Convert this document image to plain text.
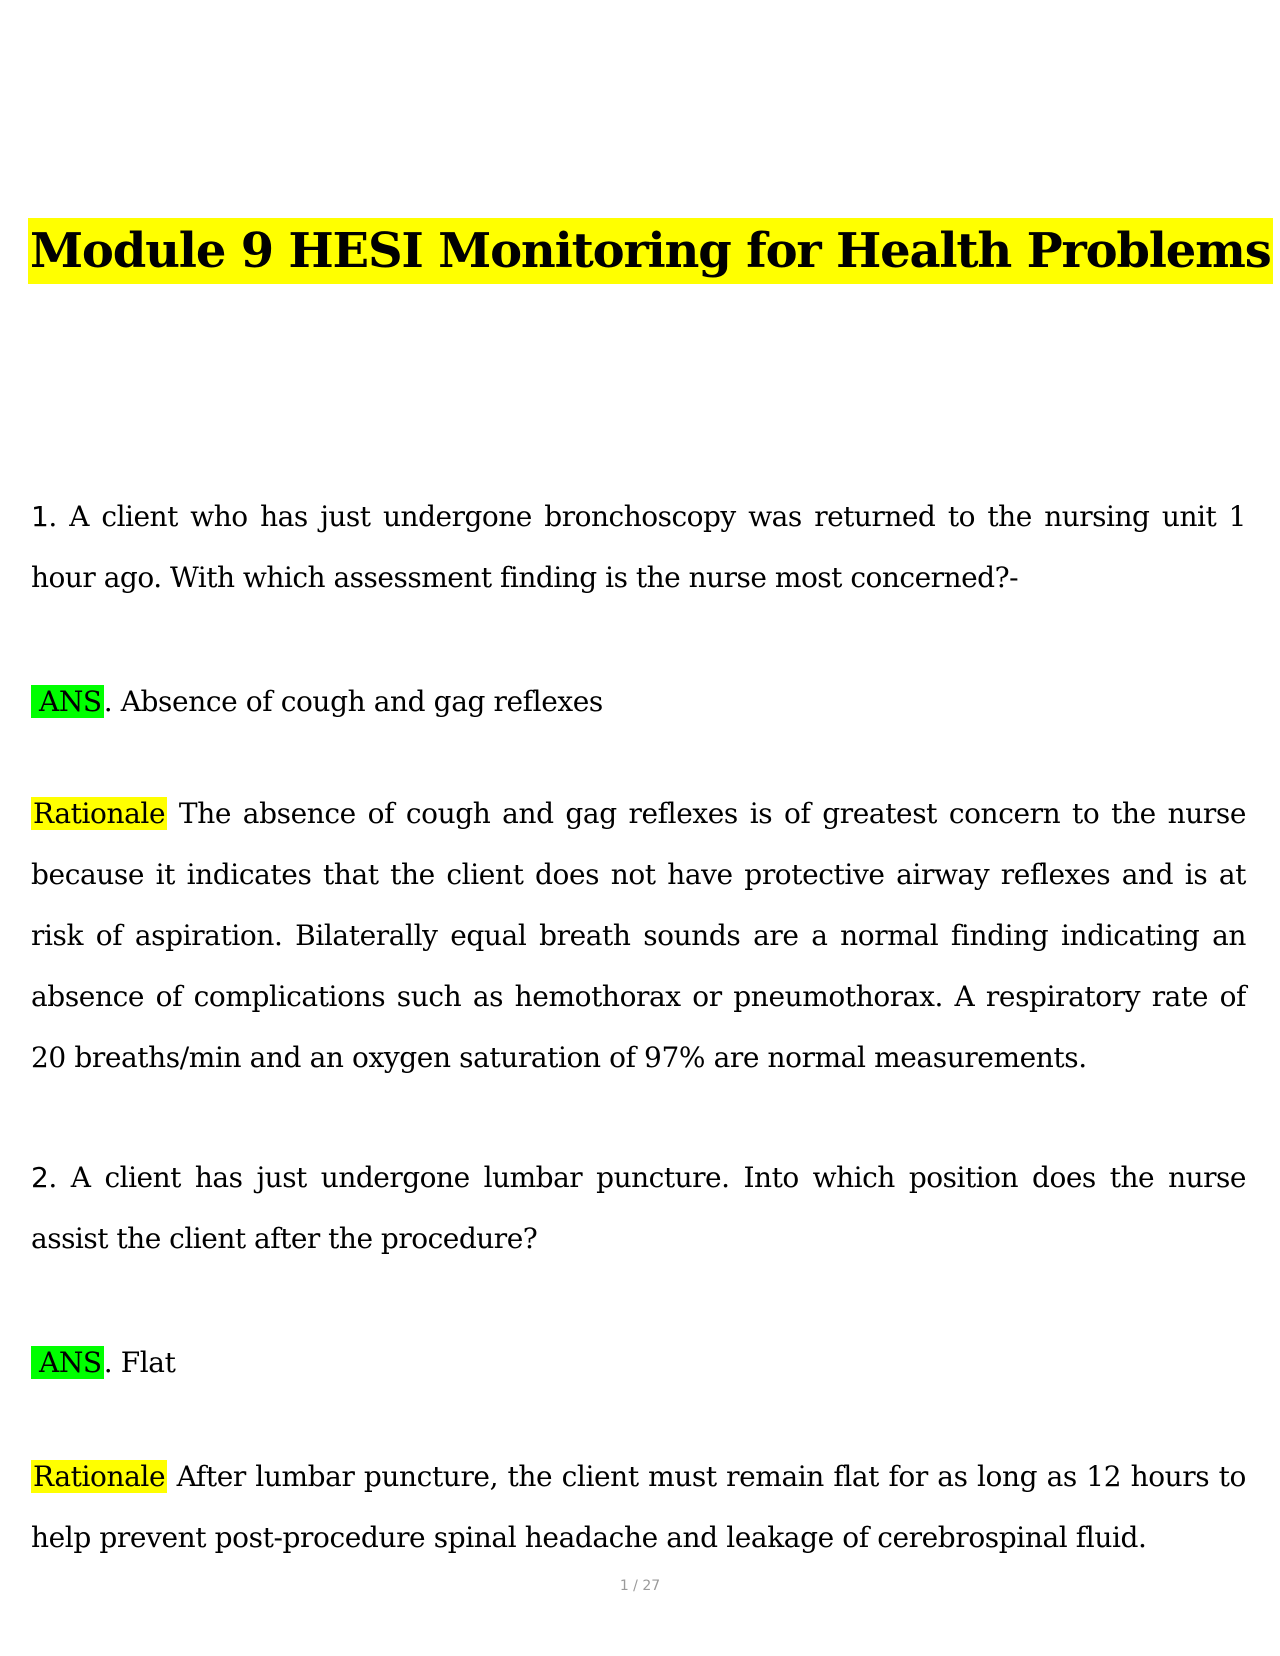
Module 9 HESI Monitoring for Health Problems

1. A client who has just undergone bronchoscopy was returned to the nursing unit 1 hour ago. With which assessment finding is the nurse most concerned?-

ANS. Absence of cough and gag reflexes

Rationale The absence of cough and gag reflexes is of greatest concern to the nurse because it indicates that the client does not have protective airway reflexes and is at risk of aspiration. Bilaterally equal breath sounds are a normal finding indicating an absence of complications such as hemothorax or pneumothorax. A respiratory rate of 20 breaths/min and an oxygen saturation of 97% are normal measurements.

2. A client has just undergone lumbar puncture. Into which position does the nurse assist the client after the procedure?

ANS. Flat

Rationale After lumbar puncture, the client must remain flat for as long as 12 hours to help prevent post-procedure spinal headache and leakage of cerebrospinal fluid.

1 / 27
